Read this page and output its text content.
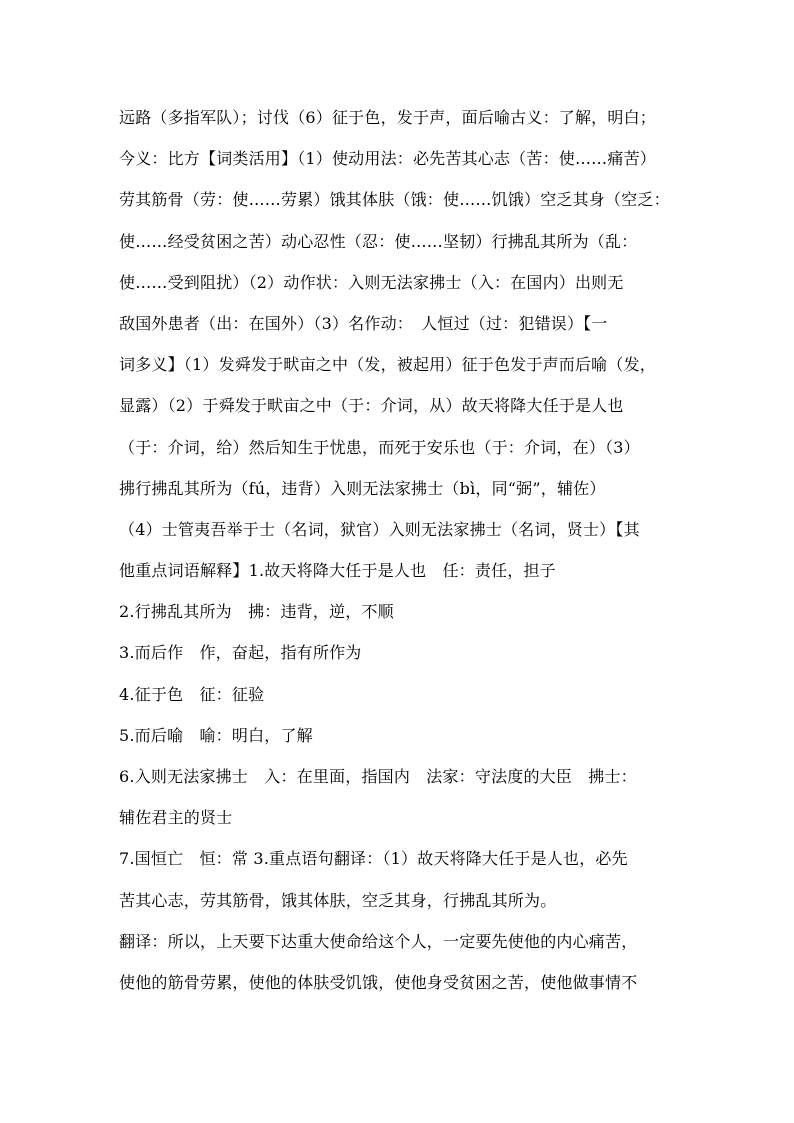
远路（多指军队）；讨伐（6）征于色，发于声，面后喻古义：了解，明白；
今义：比方【词类活用】（1）使动用法：必先苦其心志（苦：使……痛苦）
劳其筋骨（劳：使……劳累）饿其体肤（饿：使……饥饿）空乏其身（空乏：
使……经受贫困之苦）动心忍性（忍：使……坚韧）行拂乱其所为（乱：
使……受到阻扰）（2）动作状：入则无法家拂士（入：在国内）出则无
敌国外患者（出：在国外）（3）名作动：　人恒过（过：犯错误）【一
词多义】（1）发舜发于畎亩之中（发，被起用）征于色发于声而后喻（发，
显露）（2）于舜发于畎亩之中（于：介词，从）故天将降大任于是人也
（于：介词，给）然后知生于忧患，而死于安乐也（于：介词，在）（3）
拂行拂乱其所为（fú，违背）入则无法家拂士（bì，同“弼”，辅佐）
（4）士管夷吾举于士（名词，狱官）入则无法家拂士（名词，贤士）【其
他重点词语解释】1.故天将降大任于是人也　任：责任，担子
2.行拂乱其所为　拂：违背，逆，不顺
3.而后作　作，奋起，指有所作为
4.征于色　征：征验
5.而后喻　喻：明白，了解
6.入则无法家拂士　入：在里面，指国内　法家：守法度的大臣　拂士：
辅佐君主的贤士
7.国恒亡　恒：常 3.重点语句翻译：（1）故天将降大任于是人也，必先
苦其心志，劳其筋骨，饿其体肤，空乏其身，行拂乱其所为。
翻译：所以，上天要下达重大使命给这个人，一定要先使他的内心痛苦，
使他的筋骨劳累，使他的体肤受饥饿，使他身受贫困之苦，使他做事情不
